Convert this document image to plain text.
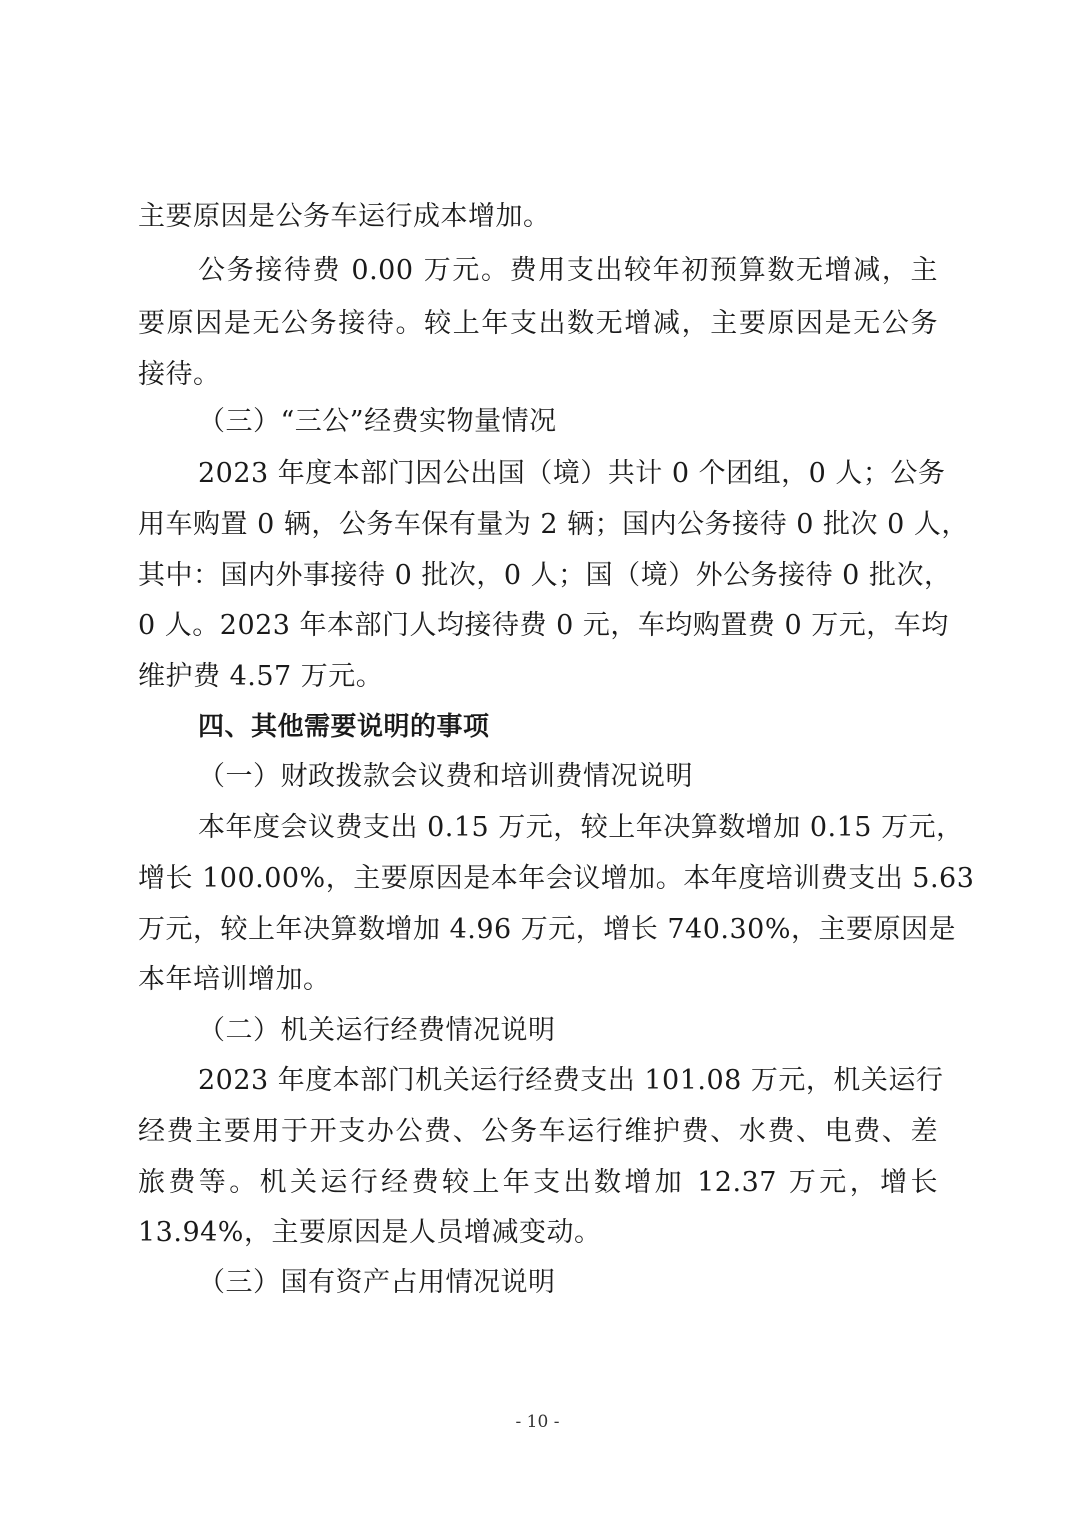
主要原因是公务车运行成本增加。
公务接待费 0.00 万元。费用支出较年初预算数无增减，主
要原因是无公务接待。较上年支出数无增减，主要原因是无公务
接待。
（三）“三公”经费实物量情况
2023 年度本部门因公出国（境）共计 0 个团组，0 人；公务
用车购置 0 辆，公务车保有量为 2 辆；国内公务接待 0 批次 0 人，
其中：国内外事接待 0 批次，0 人；国（境）外公务接待 0 批次，
0 人。2023 年本部门人均接待费 0 元，车均购置费 0 万元，车均
维护费 4.57 万元。
四、其他需要说明的事项
（一）财政拨款会议费和培训费情况说明
本年度会议费支出 0.15 万元，较上年决算数增加 0.15 万元，
增长 100.00%，主要原因是本年会议增加。本年度培训费支出 5.63
万元，较上年决算数增加 4.96 万元，增长 740.30%，主要原因是
本年培训增加。
（二）机关运行经费情况说明
2023 年度本部门机关运行经费支出 101.08 万元，机关运行
经费主要用于开支办公费、公务车运行维护费、水费、电费、差
旅费等。机关运行经费较上年支出数增加 12.37 万元，增长
13.94%，主要原因是人员增减变动。
（三）国有资产占用情况说明
- 10 -
